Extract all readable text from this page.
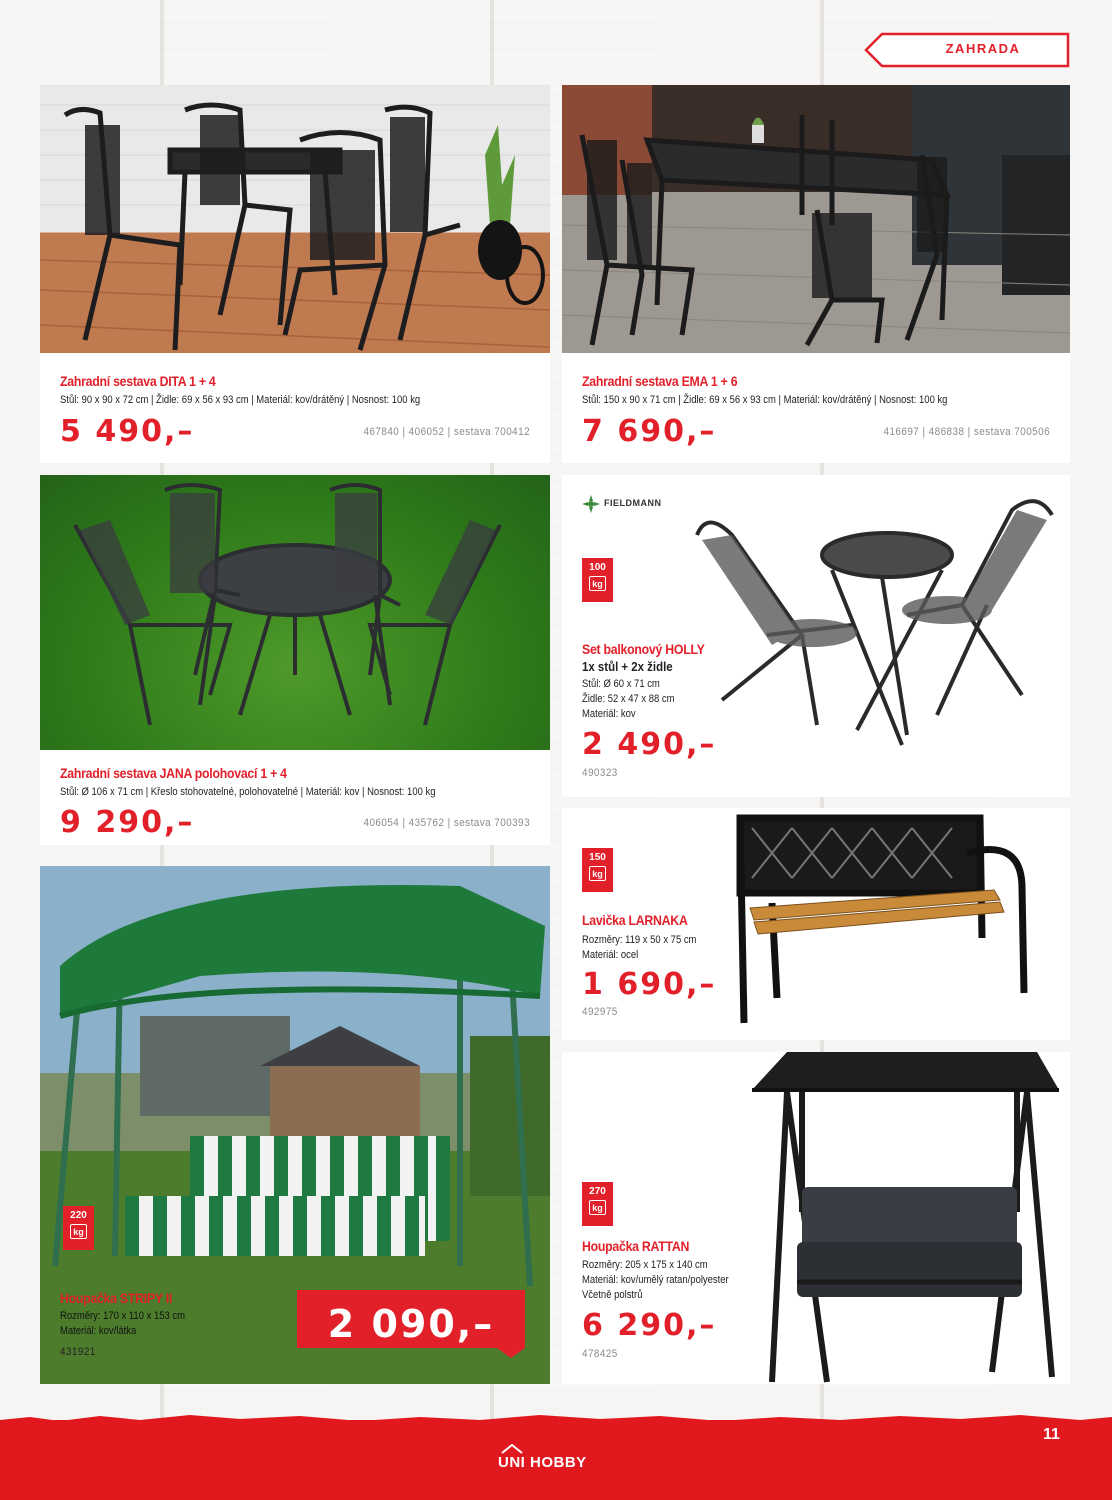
ZAHRADA
Zahradní sestava DITA 1 + 4
Stůl: 90 x 90 x 72 cm | Židle: 69 x 56 x 93 cm | Materiál: kov/drátěný | Nosnost: 100 kg
5 490,–	467840 | 406052 | sestava 700412
Zahradní sestava EMA 1 + 6
Stůl: 150 x 90 x 71 cm | Židle: 69 x 56 x 93 cm | Materiál: kov/drátěný | Nosnost: 100 kg
7 690,–	416697 | 486838 | sestava 700506
Zahradní sestava JANA polohovací 1 + 4
Stůl: Ø 106 x 71 cm | Křeslo stohovatelné, polohovatelné | Materiál: kov | Nosnost: 100 kg
9 290,–	406054 | 435762 | sestava 700393
FIELDMANN
100
kg
Set balkonový HOLLY
1x stůl + 2x židle
Stůl: Ø 60 x 71 cm
Židle: 52 x 47 x 88 cm
Materiál: kov
2 490,–
490323
150
kg
Lavička LARNAKA
Rozměry: 119 x 50 x 75 cm
Materiál: ocel
1 690,–
492975
220
kg
Houpačka STRIPY II
Rozměry: 170 x 110 x 153 cm
Materiál: kov/látka
431921
2 090,–
270
kg
Houpačka RATTAN
Rozměry: 205 x 175 x 140 cm
Materiál: kov/umělý ratan/polyester
Včetně polstrů
6 290,–
478425
UNI HOBBY
11
